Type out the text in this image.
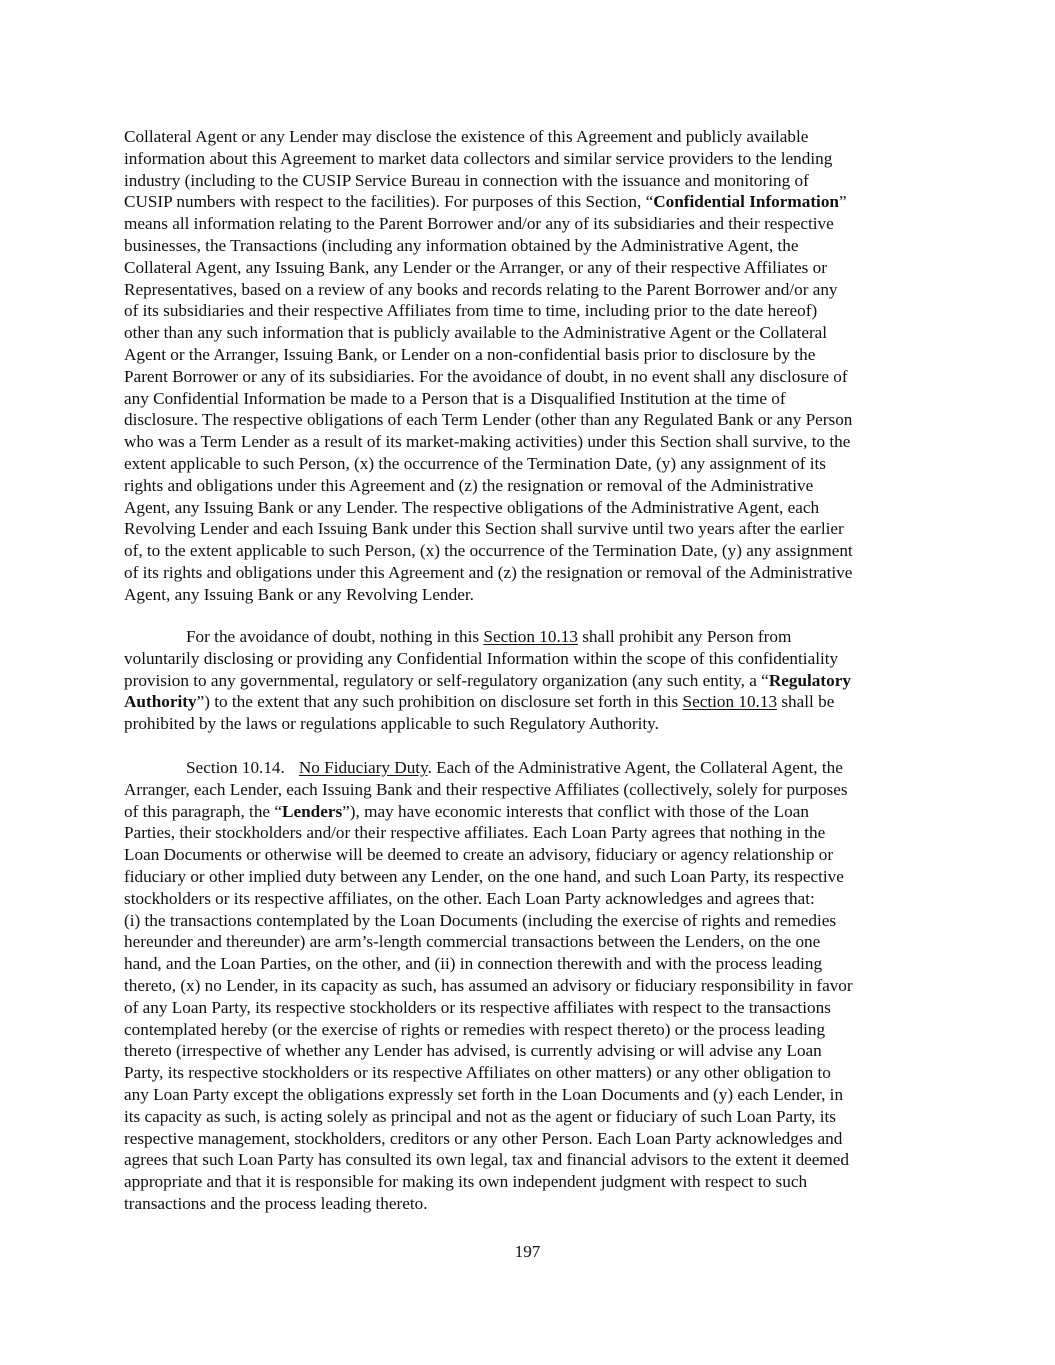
Collateral Agent or any Lender may disclose the existence of this Agreement and publicly available
information about this Agreement to market data collectors and similar service providers to the lending
industry (including to the CUSIP Service Bureau in connection with the issuance and monitoring of
CUSIP numbers with respect to the facilities). For purposes of this Section, “Confidential Information”
means all information relating to the Parent Borrower and/or any of its subsidiaries and their respective
businesses, the Transactions (including any information obtained by the Administrative Agent, the
Collateral Agent, any Issuing Bank, any Lender or the Arranger, or any of their respective Affiliates or
Representatives, based on a review of any books and records relating to the Parent Borrower and/or any
of its subsidiaries and their respective Affiliates from time to time, including prior to the date hereof)
other than any such information that is publicly available to the Administrative Agent or the Collateral
Agent or the Arranger, Issuing Bank, or Lender on a non-confidential basis prior to disclosure by the
Parent Borrower or any of its subsidiaries. For the avoidance of doubt, in no event shall any disclosure of
any Confidential Information be made to a Person that is a Disqualified Institution at the time of
disclosure. The respective obligations of each Term Lender (other than any Regulated Bank or any Person
who was a Term Lender as a result of its market-making activities) under this Section shall survive, to the
extent applicable to such Person, (x) the occurrence of the Termination Date, (y) any assignment of its
rights and obligations under this Agreement and (z) the resignation or removal of the Administrative
Agent, any Issuing Bank or any Lender. The respective obligations of the Administrative Agent, each
Revolving Lender and each Issuing Bank under this Section shall survive until two years after the earlier
of, to the extent applicable to such Person, (x) the occurrence of the Termination Date, (y) any assignment
of its rights and obligations under this Agreement and (z) the resignation or removal of the Administrative
Agent, any Issuing Bank or any Revolving Lender.
For the avoidance of doubt, nothing in this Section 10.13 shall prohibit any Person from
voluntarily disclosing or providing any Confidential Information within the scope of this confidentiality
provision to any governmental, regulatory or self-regulatory organization (any such entity, a “Regulatory
Authority”) to the extent that any such prohibition on disclosure set forth in this Section 10.13 shall be
prohibited by the laws or regulations applicable to such Regulatory Authority.
Section 10.14. No Fiduciary Duty. Each of the Administrative Agent, the Collateral Agent, the
Arranger, each Lender, each Issuing Bank and their respective Affiliates (collectively, solely for purposes
of this paragraph, the “Lenders”), may have economic interests that conflict with those of the Loan
Parties, their stockholders and/or their respective affiliates. Each Loan Party agrees that nothing in the
Loan Documents or otherwise will be deemed to create an advisory, fiduciary or agency relationship or
fiduciary or other implied duty between any Lender, on the one hand, and such Loan Party, its respective
stockholders or its respective affiliates, on the other. Each Loan Party acknowledges and agrees that:
(i) the transactions contemplated by the Loan Documents (including the exercise of rights and remedies
hereunder and thereunder) are arm’s-length commercial transactions between the Lenders, on the one
hand, and the Loan Parties, on the other, and (ii) in connection therewith and with the process leading
thereto, (x) no Lender, in its capacity as such, has assumed an advisory or fiduciary responsibility in favor
of any Loan Party, its respective stockholders or its respective affiliates with respect to the transactions
contemplated hereby (or the exercise of rights or remedies with respect thereto) or the process leading
thereto (irrespective of whether any Lender has advised, is currently advising or will advise any Loan
Party, its respective stockholders or its respective Affiliates on other matters) or any other obligation to
any Loan Party except the obligations expressly set forth in the Loan Documents and (y) each Lender, in
its capacity as such, is acting solely as principal and not as the agent or fiduciary of such Loan Party, its
respective management, stockholders, creditors or any other Person. Each Loan Party acknowledges and
agrees that such Loan Party has consulted its own legal, tax and financial advisors to the extent it deemed
appropriate and that it is responsible for making its own independent judgment with respect to such
transactions and the process leading thereto.
197
